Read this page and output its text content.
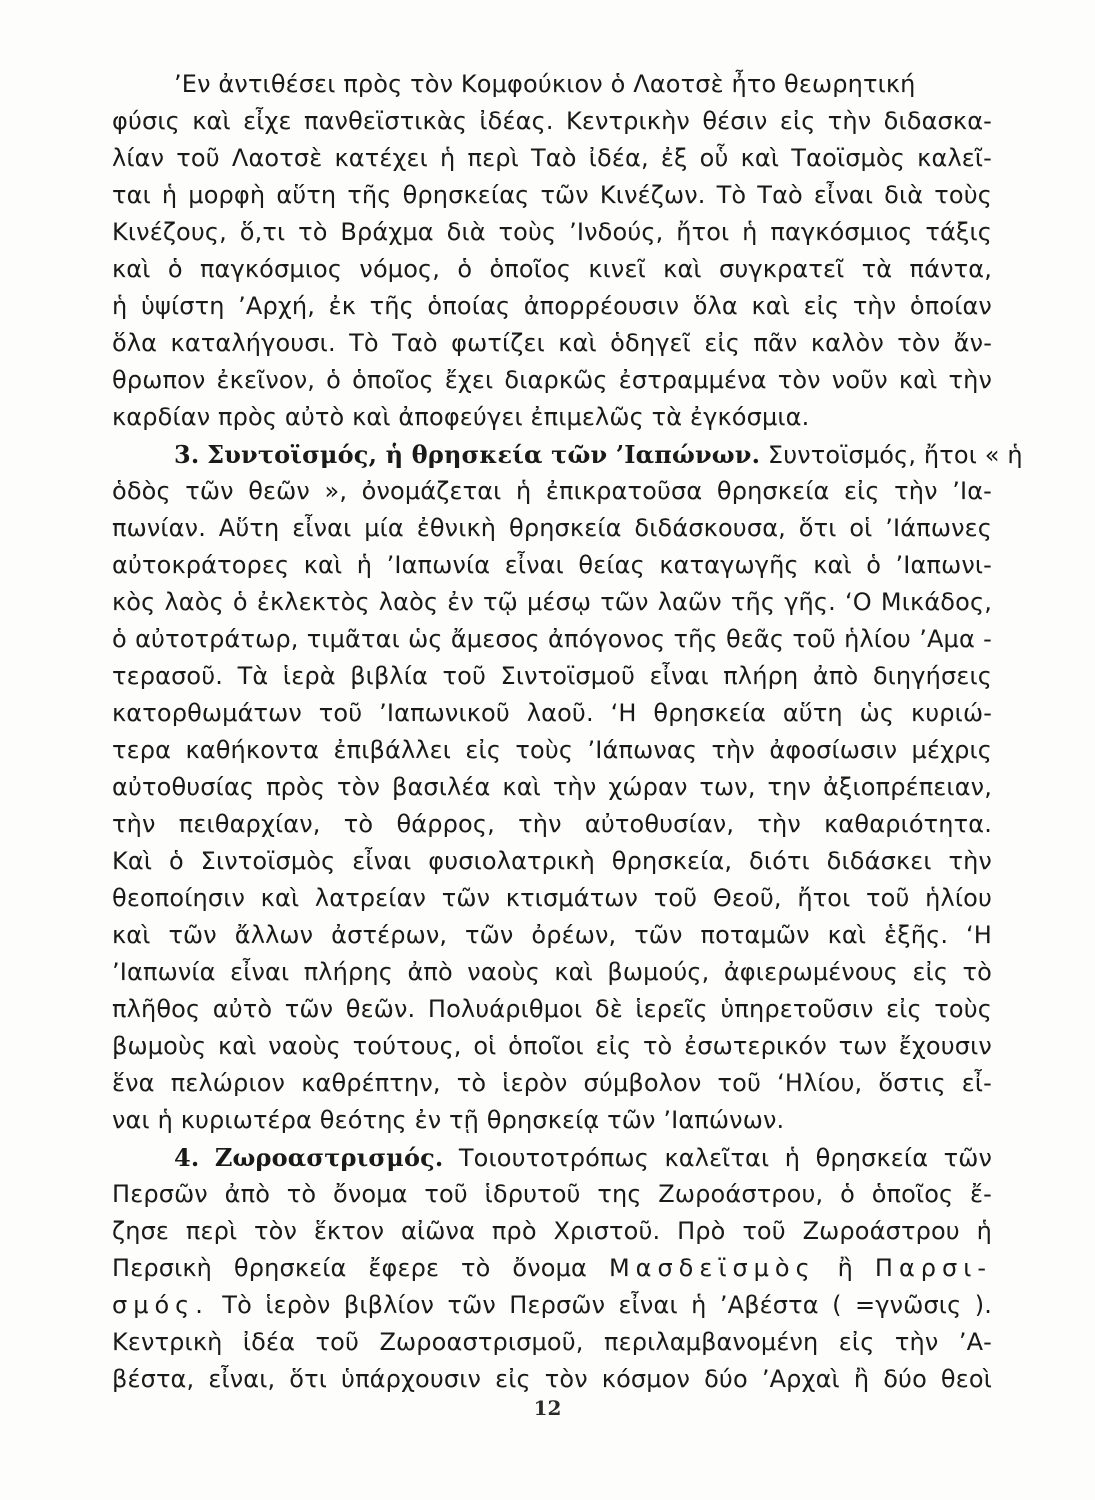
’Εν ἀντιθέσει πρὸς τὸν Κομφούκιον ὁ Λαοτσὲ ἦτο θεωρητική
φύσις καὶ εἶχε πανθεϊστικὰς ἰδέας. Κεντρικὴν θέσιν εἰς τὴν διδασκα-
λίαν τοῦ Λαοτσὲ κατέχει ἡ περὶ Ταὸ ἰδέα, ἐξ οὗ καὶ Ταοϊσμὸς καλεῖ-
ται ἡ μορφὴ αὕτη τῆς θρησκείας τῶν Κινέζων. Τὸ Ταὸ εἶναι διὰ τοὺς
Κινέζους, ὅ,τι τὸ Βράχμα διὰ τοὺς ’Ινδούς, ἤτοι ἡ παγκόσμιος τάξις
καὶ ὁ παγκόσμιος νόμος, ὁ ὁποῖος κινεῖ καὶ συγκρατεῖ τὰ πάντα,
ἡ ὑψίστη ’Αρχή, ἐκ τῆς ὁποίας ἀπορρέουσιν ὅλα καὶ εἰς τὴν ὁποίαν
ὅλα καταλήγουσι. Τὸ Ταὸ φωτίζει καὶ ὁδηγεῖ εἰς πᾶν καλὸν τὸν ἄν-
θρωπον ἐκεῖνον, ὁ ὁποῖος ἔχει διαρκῶς ἐστραμμένα τὸν νοῦν καὶ τὴν
καρδίαν πρὸς αὐτὸ καὶ ἀποφεύγει ἐπιμελῶς τὰ ἐγκόσμια.
3. Συντοϊσμός, ἡ θρησκεία τῶν ’Ιαπώνων. Συντοϊσμός, ἤτοι « ἡ
ὁδὸς τῶν θεῶν », ὀνομάζεται ἡ ἐπικρατοῦσα θρησκεία εἰς τὴν ’Ια-
πωνίαν. Αὕτη εἶναι μία ἐθνικὴ θρησκεία διδάσκουσα, ὅτι οἱ ’Ιάπωνες
αὐτοκράτορες καὶ ἡ ’Ιαπωνία εἶναι θείας καταγωγῆς καὶ ὁ ’Ιαπωνι-
κὸς λαὸς ὁ ἐκλεκτὸς λαὸς ἐν τῷ μέσῳ τῶν λαῶν τῆς γῆς. ‘Ο Μικάδος,
ὁ αὐτοτράτωρ, τιμᾶται ὡς ἄμεσος ἀπόγονος τῆς θεᾶς τοῦ ἡλίου ’Αμα -
τερασοῦ. Τὰ ἱερὰ βιβλία τοῦ Σιντοϊσμοῦ εἶναι πλήρη ἀπὸ διηγήσεις
κατορθωμάτων τοῦ ’Ιαπωνικοῦ λαοῦ. ‘Η θρησκεία αὕτη ὡς κυριώ-
τερα καθήκοντα ἐπιβάλλει εἰς τοὺς ’Ιάπωνας τὴν ἀφοσίωσιν μέχρις
αὐτοθυσίας πρὸς τὸν βασιλέα καὶ τὴν χώραν των, την ἀξιοπρέπειαν,
τὴν πειθαρχίαν, τὸ θάρρος, τὴν αὐτοθυσίαν, τὴν καθαριότητα.
Καὶ ὁ Σιντοϊσμὸς εἶναι φυσιολατρικὴ θρησκεία, διότι διδάσκει τὴν
θεοποίησιν καὶ λατρείαν τῶν κτισμάτων τοῦ Θεοῦ, ἤτοι τοῦ ἡλίου
καὶ τῶν ἄλλων ἀστέρων, τῶν ὀρέων, τῶν ποταμῶν καὶ ἑξῆς. ‘Η
’Ιαπωνία εἶναι πλήρης ἀπὸ ναοὺς καὶ βωμούς, ἀφιερωμένους εἰς τὸ
πλῆθος αὐτὸ τῶν θεῶν. Πολυάριθμοι δὲ ἱερεῖς ὑπηρετοῦσιν εἰς τοὺς
βωμοὺς καὶ ναοὺς τούτους, οἱ ὁποῖοι εἰς τὸ ἐσωτερικόν των ἔχουσιν
ἕνα πελώριον καθρέπτην, τὸ ἱερὸν σύμβολον τοῦ ‘Ηλίου, ὅστις εἶ-
ναι ἡ κυριωτέρα θεότης ἐν τῇ θρησκείᾳ τῶν ’Ιαπώνων.
4. Ζωροαστρισμός. Τοιουτοτρόπως καλεῖται ἡ θρησκεία τῶν
Περσῶν ἀπὸ τὸ ὄνομα τοῦ ἱδρυτοῦ της Ζωροάστρου, ὁ ὁποῖος ἔ-
ζησε περὶ τὸν ἕκτον αἰῶνα πρὸ Χριστοῦ. Πρὸ τοῦ Ζωροάστρου ἡ
Περσικὴ θρησκεία ἔφερε τὸ ὄνομα Μασδεϊσμὸς ἢ Παρσι-
σμός. Τὸ ἱερὸν βιβλίον τῶν Περσῶν εἶναι ἡ ’Αβέστα ( =γνῶσις ).
Κεντρικὴ ἰδέα τοῦ Ζωροαστρισμοῦ, περιλαμβανομένη εἰς τὴν ’Α-
βέστα, εἶναι, ὅτι ὑπάρχουσιν εἰς τὸν κόσμον δύο ’Αρχαὶ ἢ δύο θεοὶ
12
